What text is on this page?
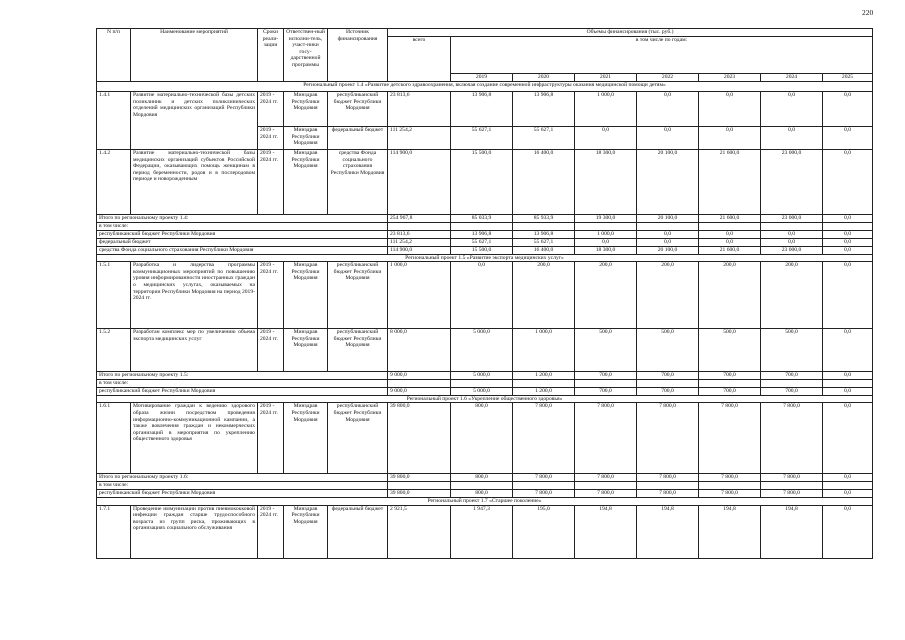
220
N п/п	Наименование мероприятий	Сроки реали-зации	Ответствен-ный исполни-тель, участ-ники госу-дарственной программы	Источник финансирования	Объемы финансирования (тыс. руб.)							
					всего	в том числе по годам:						
						2019	2020	2021	2022	2023	2024	2025
Региональный проект 1.4 «Развитие детского здравоохранения, включая создание современной инфраструктуры оказания медицинской помощи детям»												
1.4.1	Развитие материально-технической базы детских поликлиник и детских поликлинических отделений медицинских организаций Республики Мордовия	2019 - 2024 гг.	Минздрав Республики Мордовия	республиканский бюджет Республики Мордовия	23 813,6	13 906,8	13 906,8	1 000,0	0,0	0,0	0,0	0,0
		2019 - 2024 гг.	Минздрав Республики Мордовия	федеральный бюджет	111 254,2	55 627,1	55 627,1	0,0	0,0	0,0	0,0	0,0
1.4.2	Развитие материально-технической базы медицинских организаций субъектов Российской Федерации, оказывающих помощь женщинам в период беременности, родов и в послеродовом периоде и новорожденным	2019 - 2024 гг.	Минздрав Республики Мордовия	средства Фонда социального страхования Республики Мордовия	114 900,0	15 500,0	16 400,0	18 300,0	20 100,0	21 600,0	23 000,0	0,0
Итого по региональному проекту 1.4:					254 967,8	85 033,9	85 933,9	19 300,0	20 100,0	21 600,0	23 000,0	0,0
в том числе:												
республиканский бюджет Республики Мордовия					23 813,6	13 906,8	13 906,8	1 000,0	0,0	0,0	0,0	0,0
федеральный бюджет					111 254,2	55 627,1	55 627,1	0,0	0,0	0,0	0,0	0,0
средства Фонда социального страхования Республики Мордовия					114 900,0	15 500,0	16 400,0	18 300,0	20 100,0	21 600,0	23 000,0	0,0
Региональный проект 1.5 «Развитие экспорта медицинских услуг»												
1.5.1	Разработка и лидерства программы коммуникационных мероприятий по повышению уровня информированности иностранных граждан о медицинских услугах, оказываемых на территории Республики Мордовия на период 2019-2024 гг.	2019 - 2024 гг.	Минздрав Республики Мордовия	республиканский бюджет Республики Мордовия	1 000,0	0,0	200,0	200,0	200,0	200,0	200,0	0,0
1.5.2	Разработан комплекс мер по увеличению объема экспорта медицинских услуг	2019 - 2024 гг.	Минздрав Республики Мордовия	республиканский бюджет Республики Мордовия	8 000,0	5 000,0	1 000,0	500,0	500,0	500,0	500,0	0,0
Итого по региональному проекту 1.5:					9 000,0	5 000,0	1 200,0	700,0	700,0	700,0	700,0	0,0
в том числе:												
республиканский бюджет Республики Мордовия					9 000,0	5 000,0	1 200,0	700,0	700,0	700,0	700,0	0,0
Региональный проект 1.6 «Укрепление общественного здоровья»												
1.6.1	Мотивирование граждан к ведению здорового образа жизни посредством проведения информационно-коммуникационной кампании, а также вовлечения граждан и некоммерческих организаций в мероприятия по укреплению общественного здоровья	2019 - 2024 гг.	Минздрав Республики Мордовия	республиканский бюджет Республики Мордовия	39 800,0	800,0	7 800,0	7 800,0	7 800,0	7 800,0	7 800,0	0,0
Итого по региональному проекту 1.6:					39 800,0	800,0	7 800,0	7 800,0	7 800,0	7 800,0	7 800,0	0,0
в том числе:												
республиканский бюджет Республики Мордовия					39 800,0	800,0	7 800,0	7 800,0	7 800,0	7 800,0	7 800,0	0,0
Региональный проект 1.7 «Старшее поколение»												
1.7.1	Проведение иммунизации против пневмококковой инфекции граждан старше трудоспособного возраста из групп риска, проживающих в организациях социального обслуживания	2019 - 2024 гг.	Минздрав Республики Мордовия	федеральный бюджет	2 921,5	1 947,3	195,0	194,8	194,8	194,8	194,8	0,0
